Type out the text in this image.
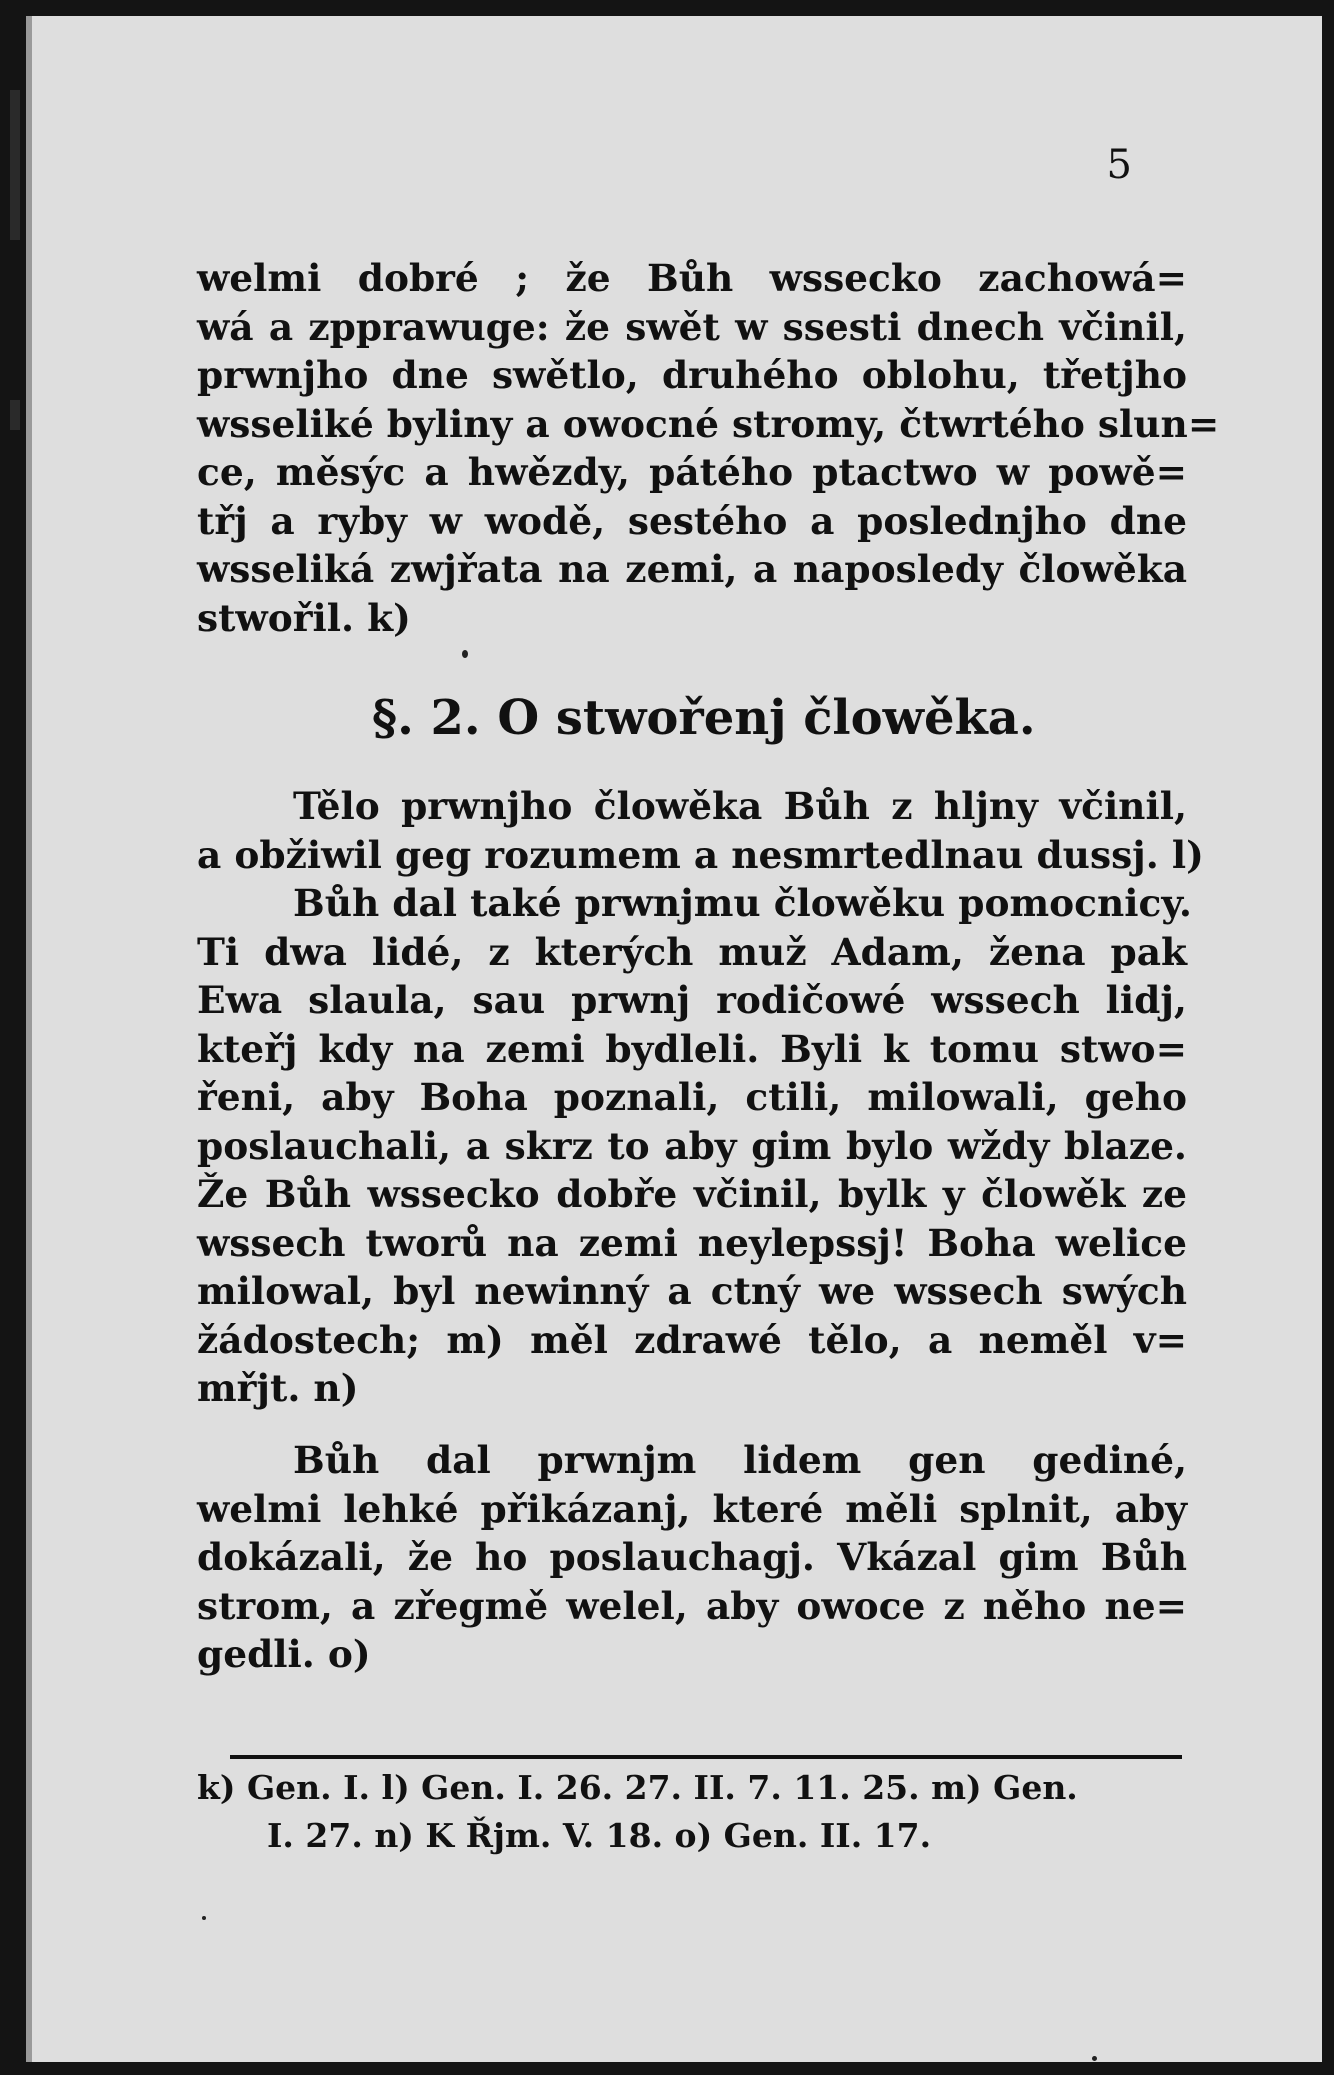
5
welmi dobré ; že Bůh wsseckо zachowá=
wá a zpprawuge: že swět w ssesti dnech včinil,
prwnjho dne swětlo, druhého oblohu, třetjho
wsseliké byliny a owocné stromy, čtwrtého slun=
ce, měsýc a hwězdy, pátého ptactwo w powě=
třj a ryby w wodě, sestého a poslednjho dne
wsseliká zwjřata na zemi, a naposledy člowěka
stwořil. k)
§. 2. O stwořenj člowěka.
Tělo prwnjho člowěka Bůh z hljny včinil,
a obžiwil geg rozumem a nesmrtedlnau dussj. l)
Bůh dal také prwnjmu člowěku pomocnicy.
Ti dwa lidé, z kterých muž Adam, žena pak
Ewa slaula, sau prwnj rodičowé wssech lidj,
kteřj kdy na zemi bydleli. Byli k tomu stwo=
řeni, aby Boha poznali, ctili, milowali, geho
poslauchali, a skrz to aby gim bylo wždy blaze.
Že Bůh wssecko dobře včinil, bylk y člowěk ze
wssech tworů na zemi neylepssj! Boha welice
milowal, byl newinný a ctný we wssech swých
žádostech; m) měl zdrawé tělo, a neměl v=
mřjt. n)
Bůh dal prwnjm lidem gen gediné,
welmi lehké přikázanj, které měli splnit, aby
dokázali, že ho poslauchagj. Vkázal gim Bůh
strom, a zřegmě welel, aby owoce z něho ne=
gedli. o)
k) Gen. I. l) Gen. I. 26. 27. II. 7. 11. 25. m) Gen.
I. 27. n) K Řjm. V. 18. o) Gen. II. 17.
